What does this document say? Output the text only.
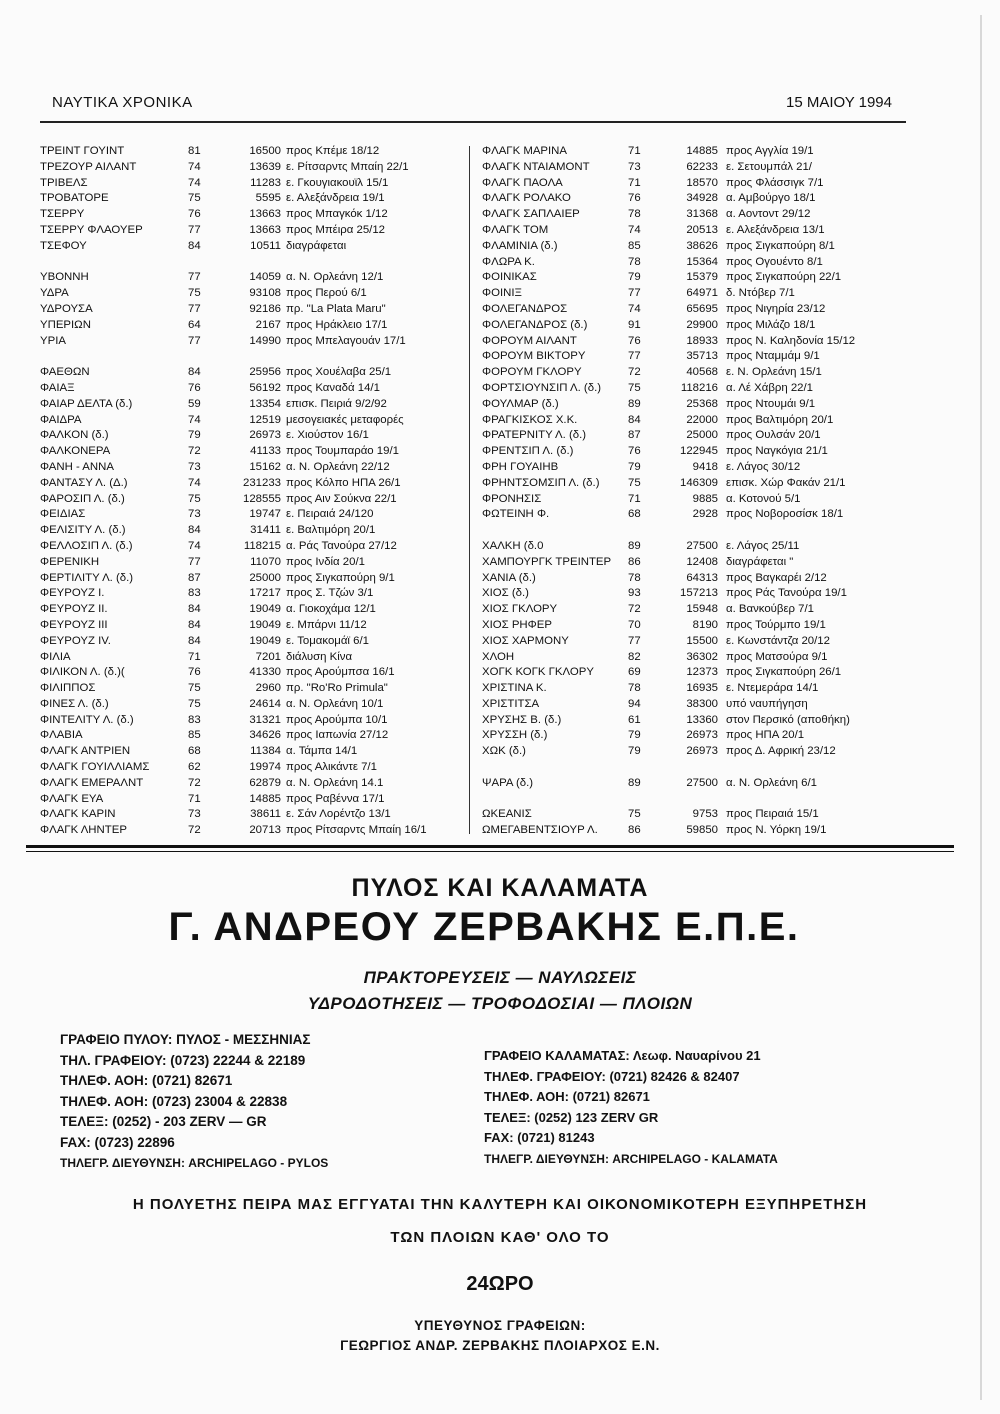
ΝΑΥΤΙΚΑ ΧΡΟΝΙΚΑ	15 ΜΑΙΟΥ 1994
ΤΡΕΙΝΤ ΓΟΥΙΝΤ	81	16500 προς Κπέμε 18/12
ΤΡΕΖΟΥΡ ΑΙΛΑΝΤ	74	13639 ε. Ρίτσαρντς Μπαίη 22/1
ΤΡΙΒΕΛΣ	74	11283 ε. Γκουγιακουϊλ 15/1
ΤΡΟΒΑΤΟΡΕ	75	5595 ε. Αλεξάνδρεια 19/1
ΤΣΕΡΡΥ	76	13663 προς Μπαγκόκ 1/12
ΤΣΕΡΡΥ ΦΛΑΟΥΕΡ	77	13663 προς Μπέιρα 25/12
ΤΣΕΦΟΥ	84	10511 διαγράφεται
ΥΒΟΝΝΗ	77	14059 α. Ν. Ορλεάνη 12/1
ΥΔΡΑ	75	93108 προς Περού 6/1
ΥΔΡΟΥΣΑ	77	92186 πρ. "La Plata Maru"
ΥΠΕΡΙΩΝ	64	2167 προς Ηράκλειο 17/1
ΥΡΙΑ	77	14990 προς Μπελαγουάν 17/1
ΦΑΕΘΩΝ	84	25956 προς Χουέλαβα 25/1
ΦΑΙΑΞ	76	56192 προς Καναδά 14/1
ΦΑΙΑΡ ΔΕΛΤΑ (δ.)	59	13354 επισκ. Πειριά 9/2/92
ΦΑΙΔΡΑ	74	12519 μεσογειακές μεταφορές
ΦΑΛΚΟΝ (δ.)	79	26973 ε. Χιούστον 16/1
ΦΑΛΚΟΝΕΡΑ	72	41133 προς Τουμπαράο 19/1
ΦΑΝΗ - ΑΝΝΑ	73	15162 α. Ν. Ορλεάνη 22/12
ΦΑΝΤΑΣΥ Λ. (Δ.)	74	231233 προς Κόλπο ΗΠΑ 26/1
ΦΑΡΟΣΙΠ Λ. (δ.)	75	128555 προς Αιν Σούκνα 22/1
ΦΕΙΔΙΑΣ	73	19747 ε. Πειραιά 24/120
ΦΕΛΙΣΙΤΥ Λ. (δ.)	84	31411 ε. Βαλτιμόρη 20/1
ΦΕΛΛΟΣΙΠ Λ. (δ.)	74	118215 α. Ράς Τανούρα 27/12
ΦΕΡΕΝΙΚΗ	77	11070 προς Ινδία 20/1
ΦΕΡΤΙΛΙΤΥ Λ. (δ.)	87	25000 προς Σιγκαπούρη 9/1
ΦΕΥΡΟΥΖ Ι.	83	17217 προς Σ. Τζών 3/1
ΦΕΥΡΟΥΖ ΙΙ.	84	19049 α. Γιοκοχάμα 12/1
ΦΕΥΡΟΥΖ ΙΙΙ	84	19049 ε. Μπάρνι 11/12
ΦΕΥΡΟΥΖ ΙV.	84	19049 ε. Τομακομάϊ 6/1
ΦΙΛΙΑ	71	7201 διάλυση Κίνα
ΦΙΛΙΚΟΝ Λ. (δ.)(	76	41330 προς Αρούμπσα 16/1
ΦΙΛΙΠΠΟΣ	75	2960 πρ. "Ro'Ro Primula"
ΦΙΝΕΣ Λ. (δ.)	75	24614 α. Ν. Ορλεάνη 10/1
ΦΙΝΤΕΛΙΤΥ Λ. (δ.)	83	31321 προς Αρούμπα 10/1
ΦΛΑΒΙΑ	85	34626 προς Ιαπωνία 27/12
ΦΛΑΓΚ ΑΝΤΡΙΕΝ	68	11384 α. Τάμπα 14/1
ΦΛΑΓΚ ΓΟΥΙΛΛΙΑΜΣ	62	19974 προς Αλικάντε 7/1
ΦΛΑΓΚ ΕΜΕΡΑΛΝΤ	72	62879 α. Ν. Ορλεάνη 14.1
ΦΛΑΓΚ ΕΥΑ	71	14885 προς Ραβέννα 17/1
ΦΛΑΓΚ ΚΑΡΙΝ	73	38611 ε. Σάν Λορέντζο 13/1
ΦΛΑΓΚ ΛΗΝΤΕΡ	72	20713 προς Ρίτσαρντς Μπαίη 16/1
ΦΛΑΓΚ ΜΑΡΙΝΑ	71	14885 προς Αγγλία 19/1
ΦΛΑΓΚ ΝΤΑΙΑΜΟΝΤ	73	62233 ε. Σετουμπάλ 21/
ΦΛΑΓΚ ΠΑΟΛΑ	71	18570 προς Φλάσσιγκ 7/1
ΦΛΑΓΚ ΡΟΛΑΚΟ	76	34928 α. Αμβούργο 18/1
ΦΛΑΓΚ ΣΑΠΛΑΙΕΡ	78	31368 α. Αοντοντ 29/12
ΦΛΑΓΚ ΤΟΜ	74	20513 ε. Αλεξάνδρεια 13/1
ΦΛΑΜΙΝΙΑ (δ.)	85	38626 προς Σιγκαπούρη 8/1
ΦΛΩΡΑ Κ.	78	15364 προς Ογουέντο 8/1
ΦΟΙΝΙΚΑΣ	79	15379 προς Σιγκαπούρη 22/1
ΦΟΙΝΙΞ	77	64971 δ. Ντόβερ 7/1
ΦΟΛΕΓΑΝΔΡΟΣ	74	65695 προς Νιγηρία 23/12
ΦΟΛΕΓΑΝΔΡΟΣ (δ.)	91	29900 προς Μιλάζο 18/1
ΦΟΡΟΥΜ ΑΙΛΑΝΤ	76	18933 προς Ν. Καληδονία 15/12
ΦΟΡΟΥΜ ΒΙΚΤΟΡΥ	77	35713 προς Νταμμάμ 9/1
ΦΟΡΟΥΜ ΓΚΛΟΡΥ	72	40568 ε. Ν. Ορλεάνη 15/1
ΦΟΡΤΣΙΟΥΝΣΙΠ Λ. (δ.) 75	118216 α. Λέ Χάβρη 22/1
ΦΟΥΛΜΑΡ (δ.)	89	25368 προς Ντουμάι 9/1
ΦΡΑΓΚΙΣΚΟΣ Χ.Κ.	84	22000 προς Βαλτιμόρη 20/1
ΦΡΑΤΕΡΝΙΤΥ Λ. (δ.)	87	25000 προς Ουλσάν 20/1
ΦΡΕΝΤΣΙΠ Λ. (δ.)	76	122945 προς Ναγκόγια 21/1
ΦΡΗ ΓΟΥΑΙΗΒ	79	9418 ε. Λάγος 30/12
ΦΡΗΝΤΣΟΜΣΙΠ Λ. (δ.)	75	146309 επισκ. Χώρ Φακάν 21/1
ΦΡΟΝΗΣΙΣ	71	9885 α. Κοτονού 5/1
ΦΩΤΕΙΝΗ Φ.	68	2928 προς Νοβοροσίσκ 18/1
ΧΑΛΚΗ (δ.0	89	27500 ε. Λάγος 25/11
ΧΑΜΠΟΥΡΓΚ ΤΡΕΙΝΤΕΡ 86	12408 διαγράφεται "
ΧΑΝΙΑ (δ.)	78	64313 προς Βαγκαρέι 2/12
ΧΙΟΣ (δ.)	93	157213 προς Ράς Τανούρα 19/1
ΧΙΟΣ ΓΚΛΟΡΥ	72	15948 α. Βανκούβερ 7/1
ΧΙΟΣ ΡΗΦΕΡ	70	8190 προς Τούρμπο 19/1
ΧΙΟΣ ΧΑΡΜΟΝΥ	77	15500 ε. Κωνστάντζα 20/12
ΧΛΟΗ	82	36302 προς Ματσούρα 9/1
ΧΟΓΚ ΚΟΓΚ ΓΚΛΟΡΥ	69	12373 προς Σιγκαπούρη 26/1
ΧΡΙΣΤΙΝΑ Κ.	78	16935 ε. Ντεμεράρα 14/1
ΧΡΙΣΤΙΤΣΑ	94	38300 υπό ναυπήγηση
ΧΡΥΣΗΣ Β. (δ.)	61	13360 στον Περσικό (αποθήκη)
ΧΡΥΣΣΗ (δ.)	79	26973 προς ΗΠΑ 20/1
ΧΩΚ (δ.)	79	26973 προς Δ. Αφρική 23/12
ΨΑΡΑ (δ.)	89	27500 α. Ν. Ορλεάνη 6/1
ΩΚΕΑΝΙΣ	75	9753 προς Πειραιά 15/1
ΩΜΕΓΑΒΕΝΤΣΙΟΥΡ Λ.	86	59850 προς Ν. Υόρκη 19/1
ΠΥΛΟΣ ΚΑΙ ΚΑΛΑΜΑΤΑ
Γ. ΑΝΔΡΕΟΥ ΖΕΡΒΑΚΗΣ Ε.Π.Ε.
ΠΡΑΚΤΟΡΕΥΣΕΙΣ — ΝΑΥΛΩΣΕΙΣ
ΥΔΡΟΔΟΤΗΣΕΙΣ — ΤΡΟΦΟΔΟΣΙΑΙ — ΠΛΟΙΩΝ
ΓΡΑΦΕΙΟ ΠΥΛΟΥ: ΠΥΛΟΣ - ΜΕΣΣΗΝΙΑΣ
ΤΗΛ. ΓΡΑΦΕΙΟΥ: (0723) 22244 & 22189
ΤΗΛΕΦ. ΑΟΗ: (0721) 82671
ΤΗΛΕΦ. ΑΟΗ: (0723) 23004 & 22838
ΤΕΛΕΞ: (0252) - 203 ZERV — GR
FAX: (0723) 22896
ΤΗΛΕΓΡ. ΔΙΕΥΘΥΝΣΗ: ARCHIPELAGO - PYLOS
ΓΡΑΦΕΙΟ ΚΑΛΑΜΑΤΑΣ: Λεωφ. Ναυαρίνου 21
ΤΗΛΕΦ. ΓΡΑΦΕΙΟΥ: (0721) 82426 & 82407
ΤΗΛΕΦ. ΑΟΗ: (0721) 82671
ΤΕΛΕΞ: (0252) 123 ZERV GR
FAX: (0721) 81243
ΤΗΛΕΓΡ. ΔΙΕΥΘΥΝΣΗ: ARCHIPELAGO - KALAMATA
Η ΠΟΛΥΕΤΗΣ ΠΕΙΡΑ ΜΑΣ ΕΓΓΥΑΤΑΙ ΤΗΝ ΚΑΛΥΤΕΡΗ ΚΑΙ ΟΙΚΟΝΟΜΙΚΟΤΕΡΗ ΕΞΥΠΗΡΕΤΗΣΗ
ΤΩΝ ΠΛΟΙΩΝ ΚΑΘ' ΟΛΟ ΤΟ
24ΩΡΟ
ΥΠΕΥΘΥΝΟΣ ΓΡΑΦΕΙΩΝ:
ΓΕΩΡΓΙΟΣ ΑΝΔΡ. ΖΕΡΒΑΚΗΣ ΠΛΟΙΑΡΧΟΣ Ε.Ν.
